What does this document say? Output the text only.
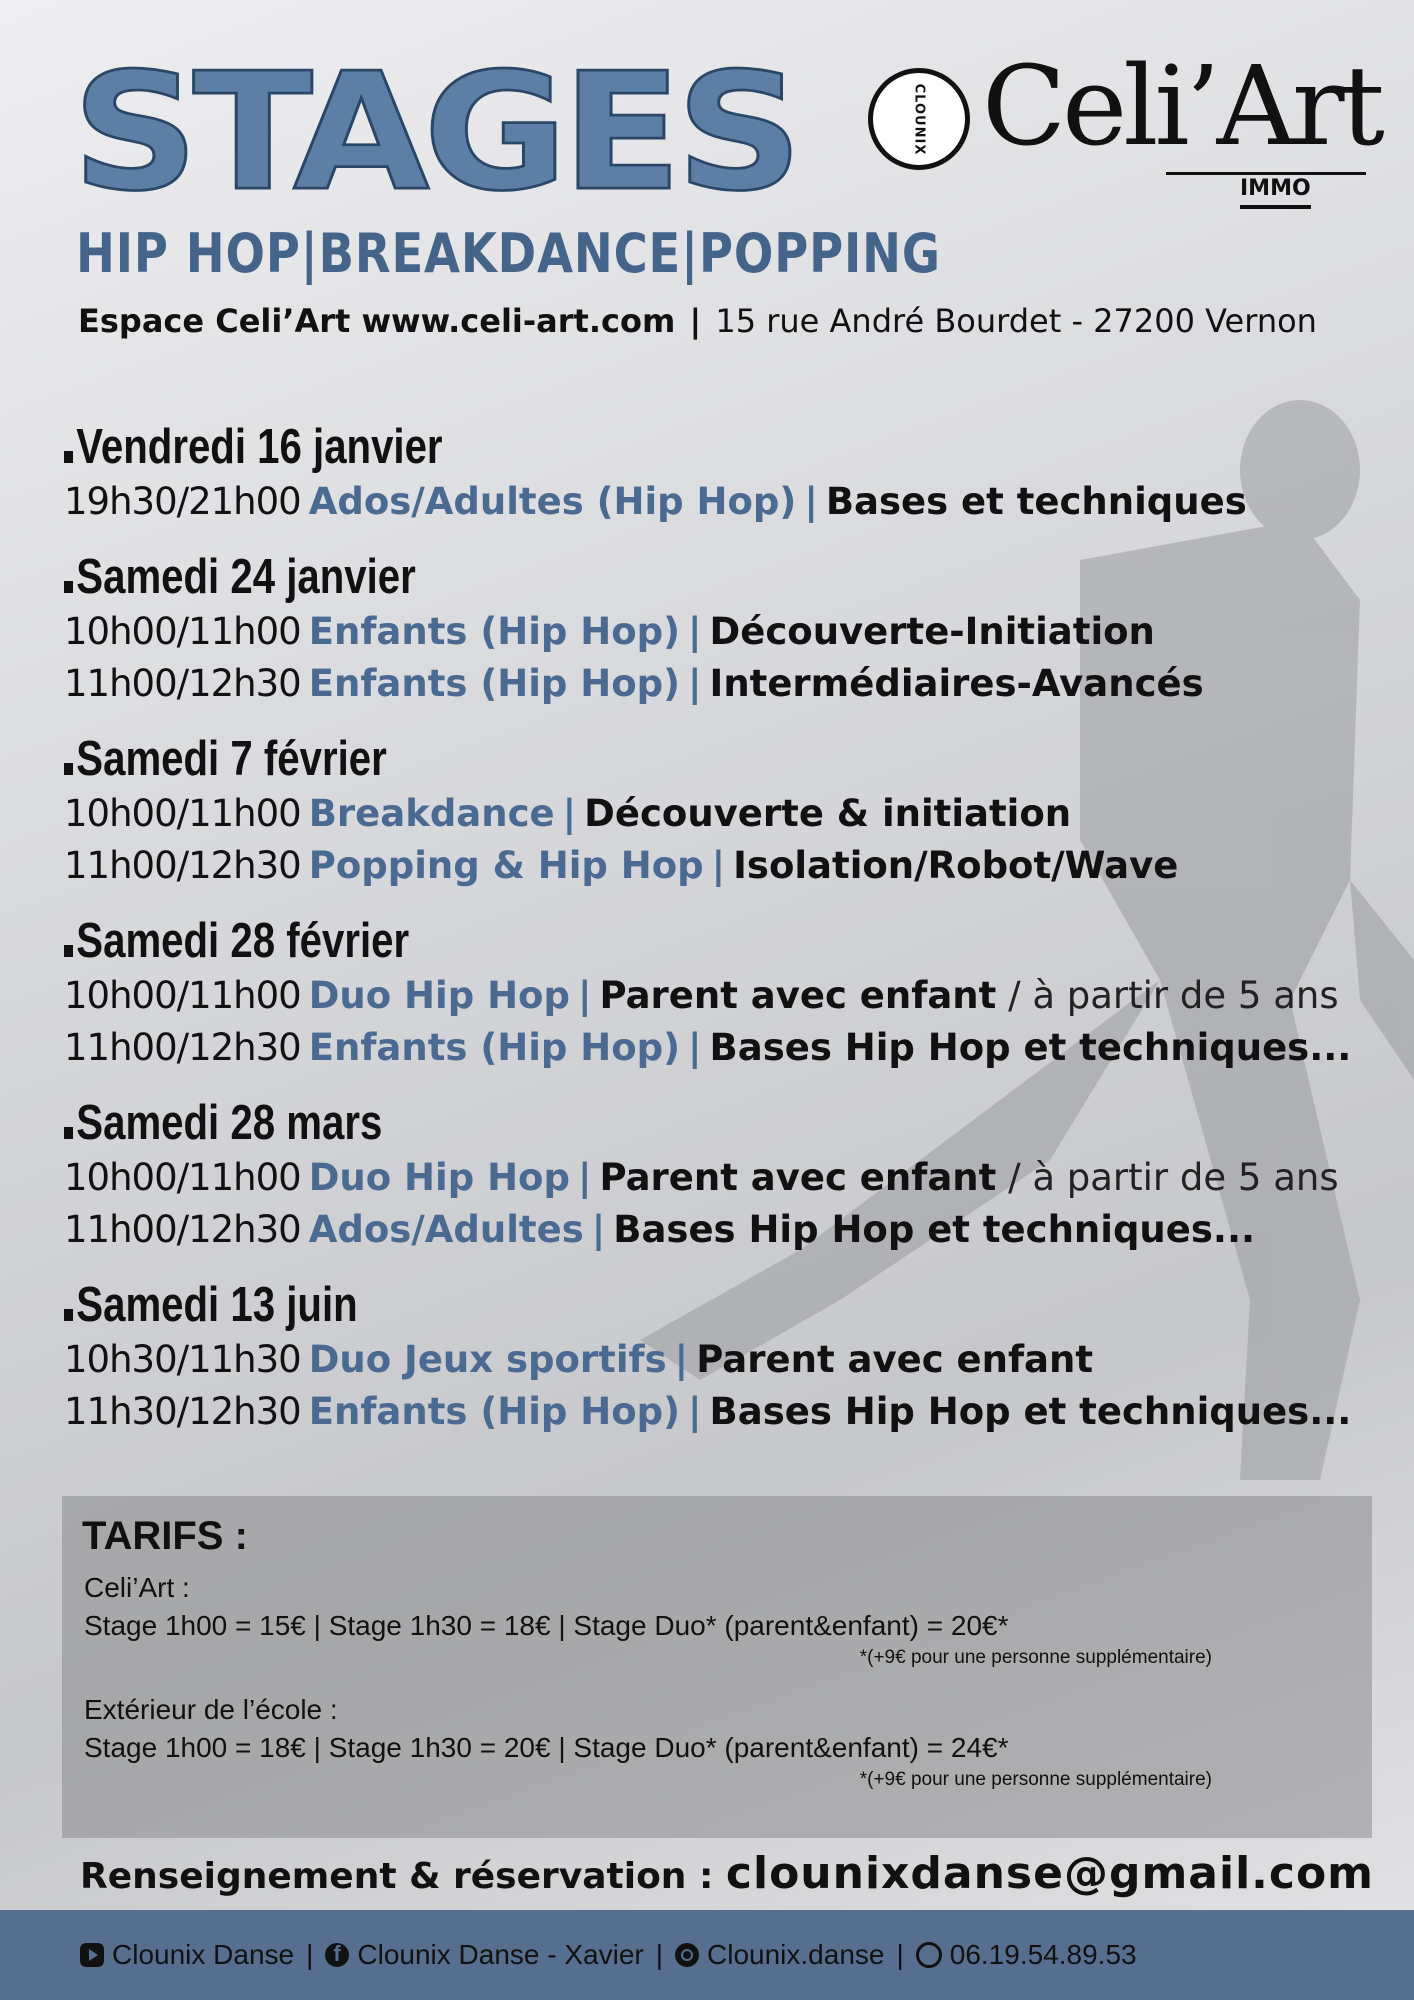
STAGES	CLOUNIX Celi’Art
IMMO
HIP HOP|BREAKDANCE|POPPING
Espace Celi’Art www.celi-art.com | 15 rue André Bourdet - 27200 Vernon
Vendredi 16 janvier
19h30/21h00 Ados/Adultes (Hip Hop) | Bases et techniques
Samedi 24 janvier
10h00/11h00 Enfants (Hip Hop) | Découverte-Initiation
11h00/12h30 Enfants (Hip Hop) | Intermédiaires-Avancés
Samedi 7 février
10h00/11h00 Breakdance | Découverte & initiation
11h00/12h30 Popping & Hip Hop | Isolation/Robot/Wave
Samedi 28 février
10h00/11h00 Duo Hip Hop | Parent avec enfant / à partir de 5 ans
11h00/12h30 Enfants (Hip Hop) | Bases Hip Hop et techniques...
Samedi 28 mars
10h00/11h00 Duo Hip Hop | Parent avec enfant / à partir de 5 ans
11h00/12h30 Ados/Adultes | Bases Hip Hop et techniques...
Samedi 13 juin
10h30/11h30 Duo Jeux sportifs | Parent avec enfant
11h30/12h30 Enfants (Hip Hop) | Bases Hip Hop et techniques...
TARIFS :
Celi’Art :
Stage 1h00 = 15€ | Stage 1h30 = 18€ | Stage Duo* (parent&enfant) = 20€*
*(+9€ pour une personne supplémentaire)
Extérieur de l’école :
Stage 1h00 = 18€ | Stage 1h30 = 20€ | Stage Duo* (parent&enfant) = 24€*
*(+9€ pour une personne supplémentaire)
Renseignement & réservation : clounixdanse@gmail.com
Clounix Danse |
f Clounix Danse - Xavier | Clounix.danse | 06.19.54.89.53
